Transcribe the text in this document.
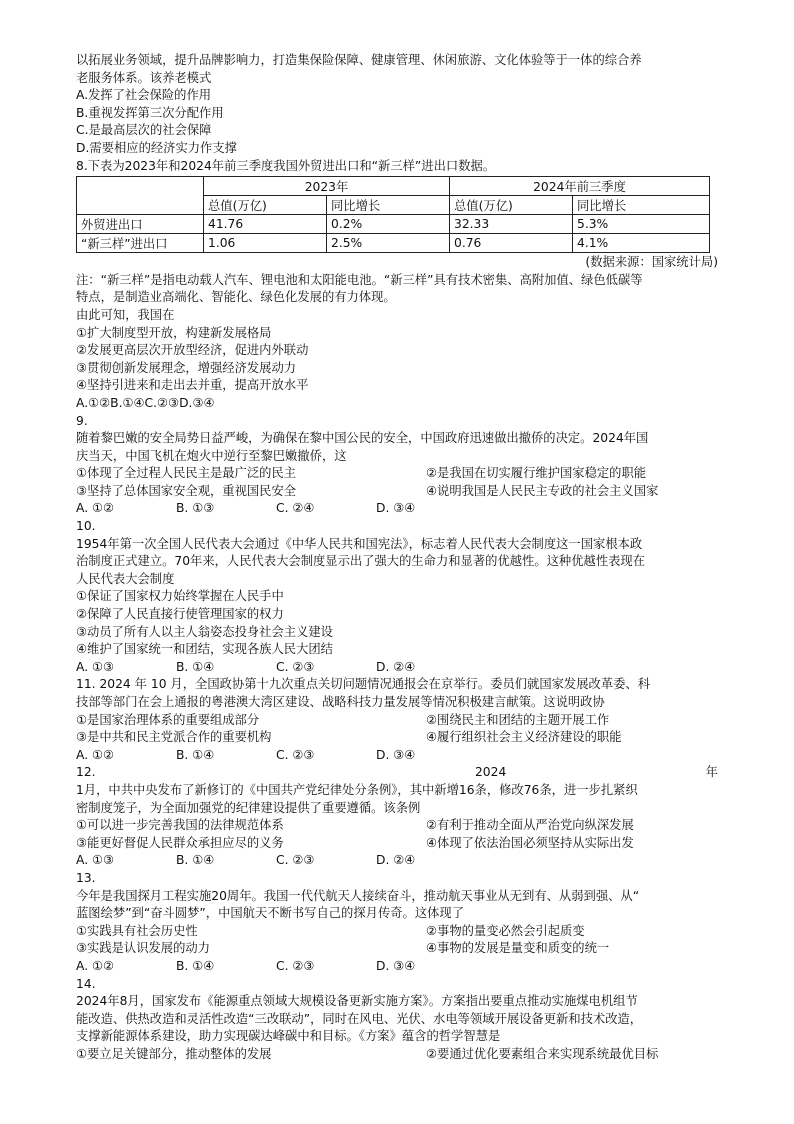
以拓展业务领域，提升品牌影响力，打造集保险保障、健康管理、休闲旅游、文化体验等于一体的综合养
老服务体系。该养老模式
A.发挥了社会保险的作用
B.重视发挥第三次分配作用
C.是最高层次的社会保障
D.需要相应的经济实力作支撑
8.下表为2023年和2024年前三季度我国外贸进出口和“新三样”进出口数据。
	2023年		2024年前三季度	
	总值(万亿)	同比增长	总值(万亿)	同比增长
外贸进出口	41.76	0.2%	32.33	5.3%
“新三样”进出口	1.06	2.5%	0.76	4.1%
(数据来源：国家统计局)
注：“新三样”是指电动载人汽车、锂电池和太阳能电池。“新三样”具有技术密集、高附加值、绿色低碳等
特点，是制造业高端化、智能化、绿色化发展的有力体现。
由此可知，我国在
①扩大制度型开放，构建新发展格局
②发展更高层次开放型经济，促进内外联动
③贯彻创新发展理念，增强经济发展动力
④坚持引进来和走出去并重，提高开放水平
A.①②B.①④C.②③D.③④
9.
随着黎巴嫩的安全局势日益严峻，为确保在黎中国公民的安全，中国政府迅速做出撤侨的决定。2024年国
庆当天，中国飞机在炮火中逆行至黎巴嫩撤侨，这
①体现了全过程人民民主是最广泛的民主	②是我国在切实履行维护国家稳定的职能
③坚持了总体国家安全观，重视国民安全	④说明我国是人民民主专政的社会主义国家
A. ①②	B. ①③	C. ②④	D. ③④
10.
1954年第一次全国人民代表大会通过《中华人民共和国宪法》，标志着人民代表大会制度这一国家根本政
治制度正式建立。70年来，人民代表大会制度显示出了强大的生命力和显著的优越性。这种优越性表现在
人民代表大会制度
①保证了国家权力始终掌握在人民手中
②保障了人民直接行使管理国家的权力
③动员了所有人以主人翁姿态投身社会主义建设
④维护了国家统一和团结，实现各族人民大团结
A. ①③	B. ①④	C. ②③	D. ②④
11. 2024 年 10 月，全国政协第十九次重点关切问题情况通报会在京举行。委员们就国家发展改革委、科
技部等部门在会上通报的粤港澳大湾区建设、战略科技力量发展等情况积极建言献策。这说明政协
①是国家治理体系的重要组成部分	②围绕民主和团结的主题开展工作
③是中共和民主党派合作的重要机构	④履行组织社会主义经济建设的职能
A. ①②	B. ①④	C. ②③	D. ③④
12.	2024	年
1月，中共中央发布了新修订的《中国共产党纪律处分条例》，其中新增16条，修改76条，进一步扎紧织
密制度笼子，为全面加强党的纪律建设提供了重要遵循。该条例
①可以进一步完善我国的法律规范体系	②有利于推动全面从严治党向纵深发展
③能更好督促人民群众承担应尽的义务	④体现了依法治国必须坚持从实际出发
A. ①③	B. ①④	C. ②③	D. ②④
13.
今年是我国探月工程实施20周年。我国一代代航天人接续奋斗，推动航天事业从无到有、从弱到强、从“
蓝图绘梦”到“奋斗圆梦”，中国航天不断书写自己的探月传奇。这体现了
①实践具有社会历史性	②事物的量变必然会引起质变
③实践是认识发展的动力	④事物的发展是量变和质变的统一
A. ①②	B. ①④	C. ②③	D. ③④
14.
2024年8月，国家发布《能源重点领域大规模设备更新实施方案》。方案指出要重点推动实施煤电机组节
能改造、供热改造和灵活性改造“三改联动”，同时在风电、光伏、水电等领域开展设备更新和技术改造，
支撑新能源体系建设，助力实现碳达峰碳中和目标。《方案》蕴含的哲学智慧是
①要立足关键部分，推动整体的发展	②要通过优化要素组合来实现系统最优目标
